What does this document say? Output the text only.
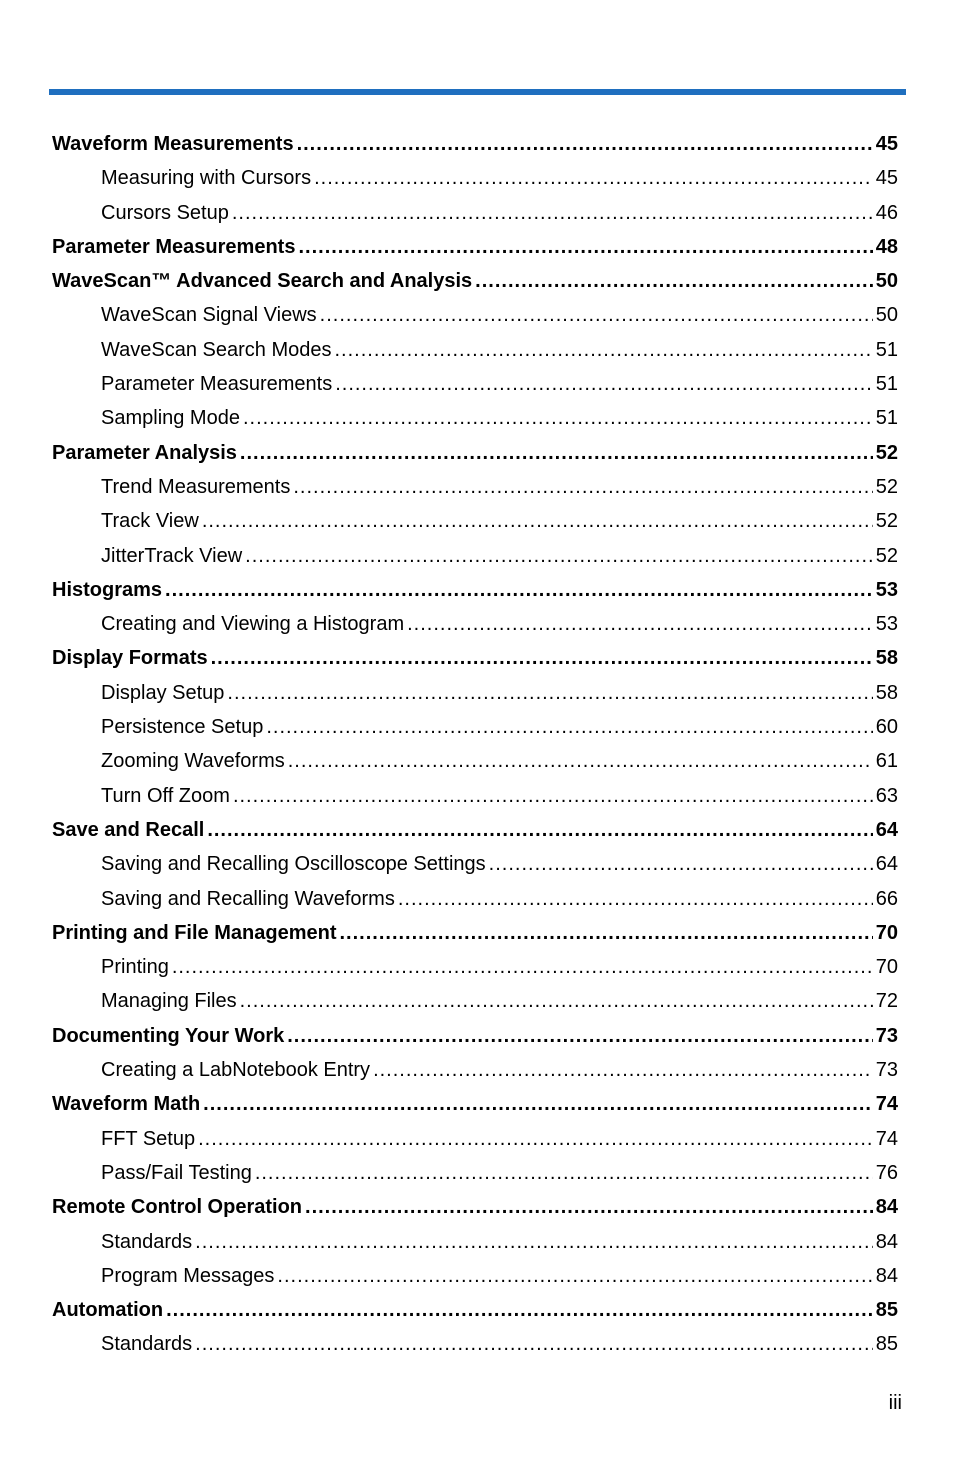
Waveform Measurements .....	45
Measuring with Cursors .....	45
Cursors Setup .....	46
Parameter Measurements .....	48
WaveScan™ Advanced Search and Analysis .....	50
WaveScan Signal Views .....	50
WaveScan Search Modes .....	51
Parameter Measurements .....	51
Sampling Mode .....	51
Parameter Analysis .....	52
Trend Measurements .....	52
Track View .....	52
JitterTrack View .....	52
Histograms .....	53
Creating and Viewing a Histogram .....	53
Display Formats .....	58
Display Setup .....	58
Persistence Setup .....	60
Zooming Waveforms .....	61
Turn Off Zoom .....	63
Save and Recall .....	64
Saving and Recalling Oscilloscope Settings .....	64
Saving and Recalling Waveforms .....	66
Printing and File Management .....	70
Printing .....	70
Managing Files .....	72
Documenting Your Work .....	73
Creating a LabNotebook Entry .....	73
Waveform Math .....	74
FFT Setup .....	74
Pass/Fail Testing .....	76
Remote Control Operation .....	84
Standards .....	84
Program Messages .....	84
Automation .....	85
Standards .....	85
iii
